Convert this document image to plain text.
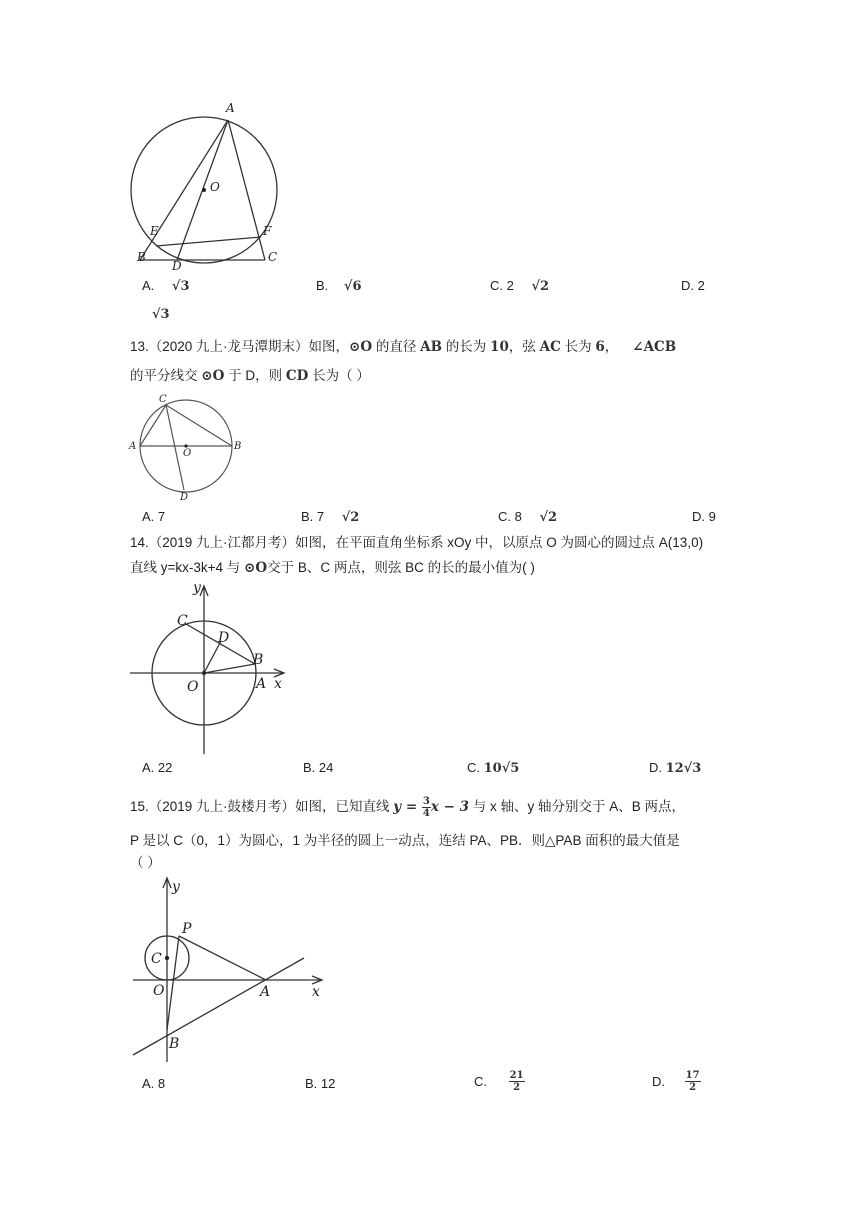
A
O
E	F
B	C
D
A. √3	B. √6	C. 2 √2	D. 2
√3
13.（2020 九上·龙马潭期末）如图，⊙O 的直径 AB 的长为 10，弦 AC 长为 6， ∠ACB
的平分线交 ⊙O 于 D，则 CD 长为（ ）
C
A
O
B
D
A. 7	B. 7 √2	C. 8 √2	D. 9
14.（2019 九上·江都月考）如图，在平面直角坐标系 xOy 中，以原点 O 为圆心的圆过点 A(13,0)
直线 y=kx-3k+4 与 ⊙O交于 B、C 两点，则弦 BC 的长的最小值为( )
y
C
D
B
O	A x
A. 22	B. 24	C. 10√5	D. 12√3
15.（2019 九上·鼓楼月考）如图，已知直线 $y = \frac{3}{4}$ x − 3 与 x 轴、y 轴分别交于 A、B 两点，
P 是以 C（0，1）为圆心，1 为半径的圆上一动点，连结 PA、PB．则△PAB 面积的最大值是
（ ）
y
P
C
O	A	x
B
A. 8	B. 12	C. $\frac{21}{2}$	D. $\frac{17}{2}$
